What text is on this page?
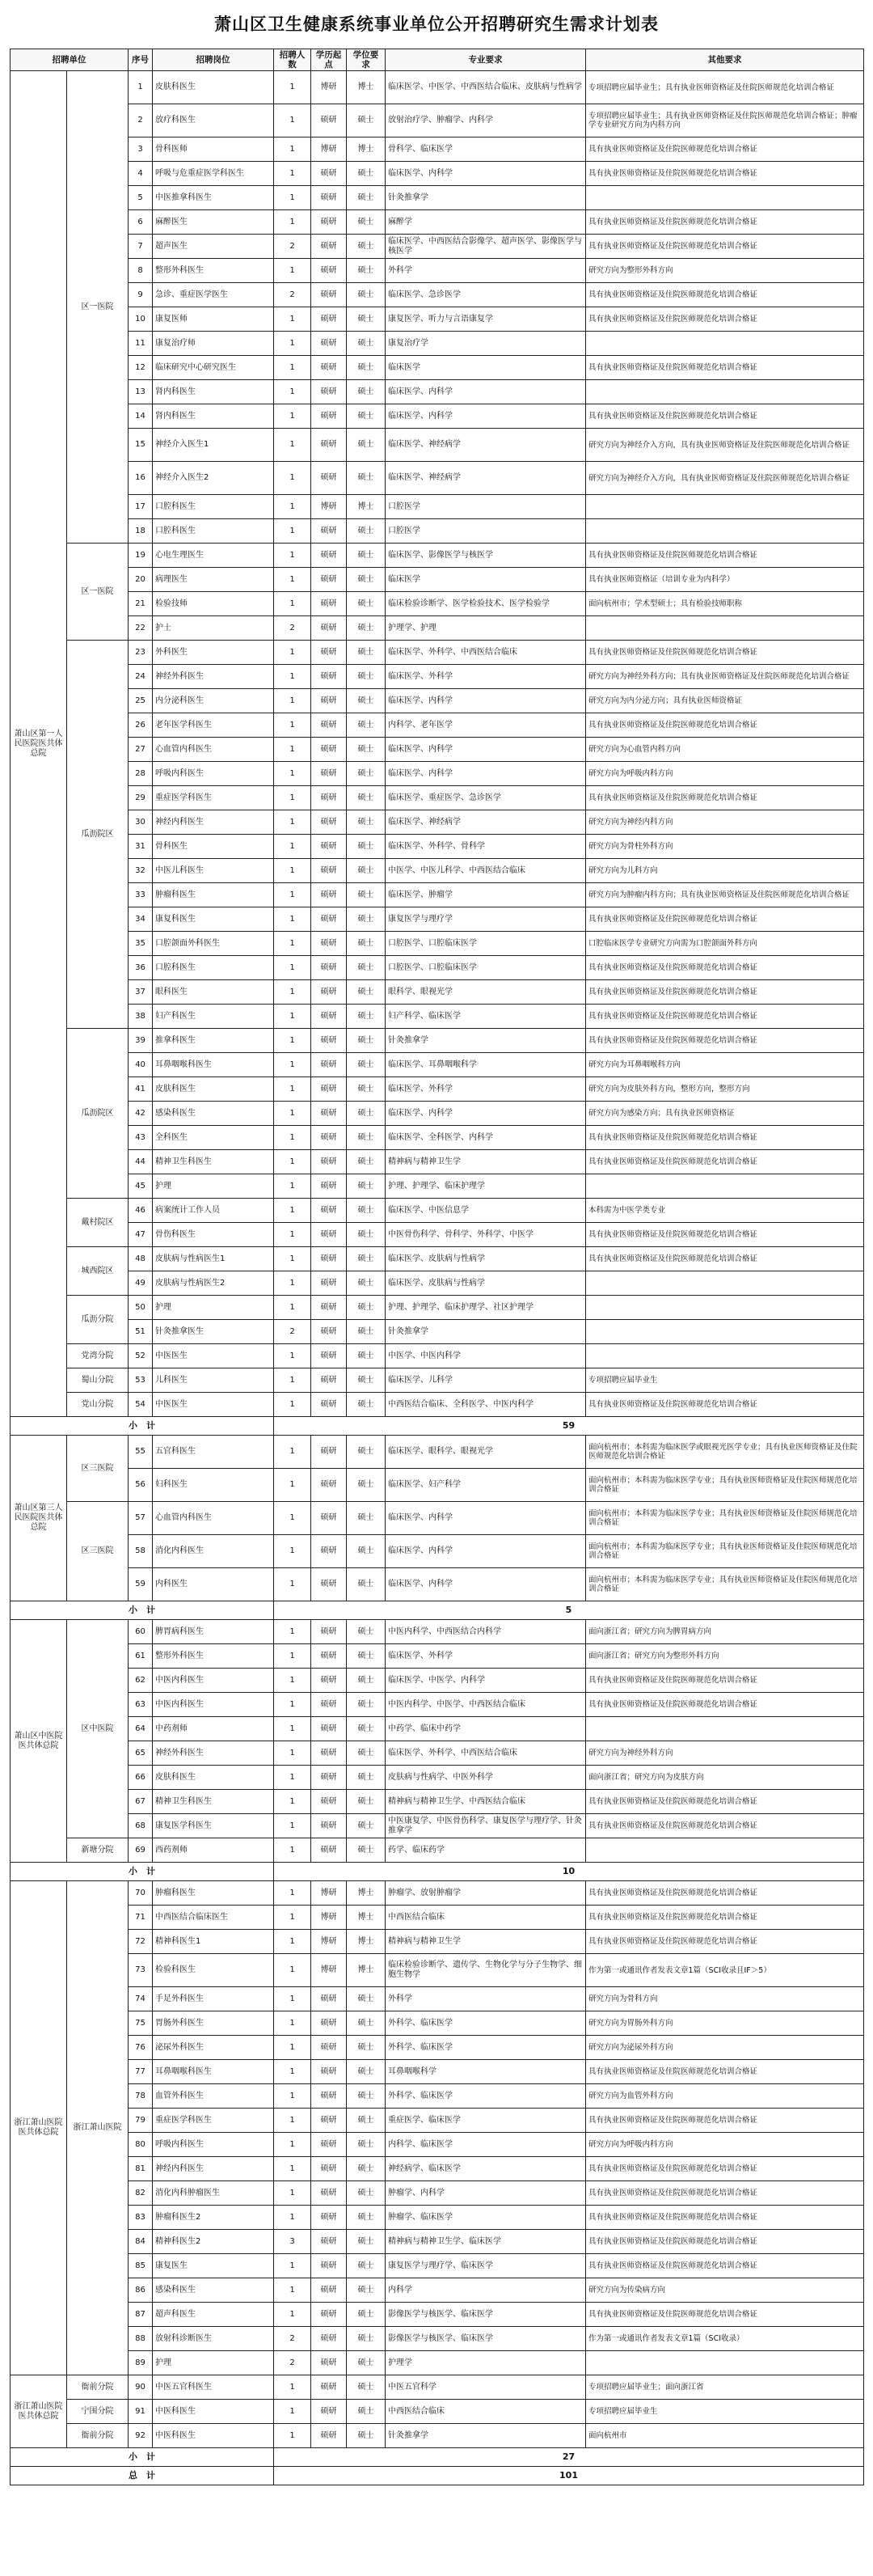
萧山区卫生健康系统事业单位公开招聘研究生需求计划表
招聘单位		序号	招聘岗位	招聘人数	学历起点	学位要求	专业要求	其他要求
萧山区第一人民医院医共体总院	区一医院	1	皮肤科医生	1	博研	博士	临床医学、中医学、中西医结合临床、皮肤病与性病学	专项招聘应届毕业生；具有执业医师资格证及住院医师规范化培训合格证
		2	放疗科医生	1	硕研	硕士	放射治疗学、肿瘤学、内科学	专项招聘应届毕业生；具有执业医师资格证及住院医师规范化培训合格证；肿瘤学专业研究方向为内科方向
		3	骨科医师	1	博研	博士	骨科学、临床医学	具有执业医师资格证及住院医师规范化培训合格证
		4	呼吸与危重症医学科医生	1	硕研	硕士	临床医学、内科学	具有执业医师资格证及住院医师规范化培训合格证
		5	中医推拿科医生	1	硕研	硕士	针灸推拿学	
		6	麻醉医生	1	硕研	硕士	麻醉学	具有执业医师资格证及住院医师规范化培训合格证
		7	超声医生	2	硕研	硕士	临床医学、中西医结合影像学、超声医学、影像医学与核医学	具有执业医师资格证及住院医师规范化培训合格证
		8	整形外科医生	1	硕研	硕士	外科学	研究方向为整形外科方向
		9	急诊、重症医学医生	2	硕研	硕士	临床医学、急诊医学	具有执业医师资格证及住院医师规范化培训合格证
		10	康复医师	1	硕研	硕士	康复医学、听力与言语康复学	具有执业医师资格证及住院医师规范化培训合格证
		11	康复治疗师	1	硕研	硕士	康复治疗学	
		12	临床研究中心研究医生	1	硕研	硕士	临床医学	具有执业医师资格证及住院医师规范化培训合格证
		13	肾内科医生	1	硕研	硕士	临床医学、内科学	
		14	肾内科医生	1	硕研	硕士	临床医学、内科学	具有执业医师资格证及住院医师规范化培训合格证
		15	神经介入医生1	1	硕研	硕士	临床医学、神经病学	研究方向为神经介入方向，具有执业医师资格证及住院医师规范化培训合格证
		16	神经介入医生2	1	硕研	硕士	临床医学、神经病学	研究方向为神经介入方向，具有执业医师资格证及住院医师规范化培训合格证
		17	口腔科医生	1	博研	博士	口腔医学	
		18	口腔科医生	1	硕研	硕士	口腔医学	
	区一医院	19	心电生理医生	1	硕研	硕士	临床医学、影像医学与核医学	具有执业医师资格证及住院医师规范化培训合格证
		20	病理医生	1	硕研	硕士	临床医学	具有执业医师资格证（培训专业为内科学）
		21	检验技师	1	硕研	硕士	临床检验诊断学、医学检验技术、医学检验学	面向杭州市；学术型硕士；具有检验技师职称
		22	护士	2	硕研	硕士	护理学、护理	
	瓜沥院区	23	外科医生	1	硕研	硕士	临床医学、外科学、中西医结合临床	具有执业医师资格证及住院医师规范化培训合格证
		24	神经外科医生	1	硕研	硕士	临床医学、外科学	研究方向为神经外科方向；具有执业医师资格证及住院医师规范化培训合格证
		25	内分泌科医生	1	硕研	硕士	临床医学、内科学	研究方向为内分泌方向；具有执业医师资格证
		26	老年医学科医生	1	硕研	硕士	内科学、老年医学	具有执业医师资格证及住院医师规范化培训合格证
		27	心血管内科医生	1	硕研	硕士	临床医学、内科学	研究方向为心血管内科方向
		28	呼吸内科医生	1	硕研	硕士	临床医学、内科学	研究方向为呼吸内科方向
		29	重症医学科医生	1	硕研	硕士	临床医学、重症医学、急诊医学	具有执业医师资格证及住院医师规范化培训合格证
		30	神经内科医生	1	硕研	硕士	临床医学、神经病学	研究方向为神经内科方向
		31	骨科医生	1	硕研	硕士	临床医学、外科学、骨科学	研究方向为骨柱外科方向
		32	中医儿科医生	1	硕研	硕士	中医学、中医儿科学、中西医结合临床	研究方向为儿科方向
		33	肿瘤科医生	1	硕研	硕士	临床医学、肿瘤学	研究方向为肿瘤内科方向；具有执业医师资格证及住院医师规范化培训合格证
		34	康复科医生	1	硕研	硕士	康复医学与理疗学	具有执业医师资格证及住院医师规范化培训合格证
		35	口腔颌面外科医生	1	硕研	硕士	口腔医学、口腔临床医学	口腔临床医学专业研究方向需为口腔颌面外科方向
		36	口腔科医生	1	硕研	硕士	口腔医学、口腔临床医学	具有执业医师资格证及住院医师规范化培训合格证
		37	眼科医生	1	硕研	硕士	眼科学、眼视光学	具有执业医师资格证及住院医师规范化培训合格证
		38	妇产科医生	1	硕研	硕士	妇产科学、临床医学	具有执业医师资格证及住院医师规范化培训合格证
	瓜沥院区	39	推拿科医生	1	硕研	硕士	针灸推拿学	具有执业医师资格证及住院医师规范化培训合格证
		40	耳鼻咽喉科医生	1	硕研	硕士	临床医学、耳鼻咽喉科学	研究方向为耳鼻咽喉科方向
		41	皮肤科医生	1	硕研	硕士	临床医学、外科学	研究方向为皮肤外科方向，整形方向，整形方向
		42	感染科医生	1	硕研	硕士	临床医学、内科学	研究方向为感染方向；具有执业医师资格证
		43	全科医生	1	硕研	硕士	临床医学、全科医学、内科学	具有执业医师资格证及住院医师规范化培训合格证
		44	精神卫生科医生	1	硕研	硕士	精神病与精神卫生学	具有执业医师资格证及住院医师规范化培训合格证
		45	护理	1	硕研	硕士	护理、护理学、临床护理学	
	戴村院区	46	病案统计工作人员	1	硕研	硕士	临床医学、中医信息学	本科需为中医学类专业
		47	骨伤科医生	1	硕研	硕士	中医骨伤科学、骨科学、外科学、中医学	具有执业医师资格证及住院医师规范化培训合格证
	城西院区	48	皮肤病与性病医生1	1	硕研	硕士	临床医学、皮肤病与性病学	具有执业医师资格证及住院医师规范化培训合格证
		49	皮肤病与性病医生2	1	硕研	硕士	临床医学、皮肤病与性病学	
	瓜沥分院	50	护理	1	硕研	硕士	护理、护理学、临床护理学、社区护理学	
		51	针灸推拿医生	2	硕研	硕士	针灸推拿学	
	党湾分院	52	中医医生	1	硕研	硕士	中医学、中医内科学	
	蜀山分院	53	儿科医生	1	硕研	硕士	临床医学、儿科学	专项招聘应届毕业生
	党山分院	54	中医医生	1	硕研	硕士	中西医结合临床、全科医学、中医内科学	具有执业医师资格证及住院医师规范化培训合格证
小　计				59				
萧山区第三人民医院医共体总院	区三医院	55	五官科医生	1	硕研	硕士	临床医学、眼科学、眼视光学	面向杭州市；本科需为临床医学或眼视光医学专业；具有执业医师资格证及住院医师规范化培训合格证
		56	妇科医生	1	硕研	硕士	临床医学、妇产科学	面向杭州市；本科需为临床医学专业；具有执业医师资格证及住院医师规范化培训合格证
	区三医院	57	心血管内科医生	1	硕研	硕士	临床医学、内科学	面向杭州市；本科需为临床医学专业；具有执业医师资格证及住院医师规范化培训合格证
		58	消化内科医生	1	硕研	硕士	临床医学、内科学	面向杭州市；本科需为临床医学专业；具有执业医师资格证及住院医师规范化培训合格证
		59	内科医生	1	硕研	硕士	临床医学、内科学	面向杭州市；本科需为临床医学专业；具有执业医师资格证及住院医师规范化培训合格证
小　计				5				
萧山区中医院医共体总院	区中医院	60	脾胃病科医生	1	硕研	硕士	中医内科学、中西医结合内科学	面向浙江省；研究方向为脾胃病方向
		61	整形外科医生	1	硕研	硕士	临床医学、外科学	面向浙江省；研究方向为整形外科方向
		62	中医内科医生	1	硕研	硕士	临床医学、中医学、内科学	具有执业医师资格证及住院医师规范化培训合格证
		63	中医内科医生	1	硕研	硕士	中医内科学、中医学、中西医结合临床	具有执业医师资格证及住院医师规范化培训合格证
		64	中药剂师	1	硕研	硕士	中药学、临床中药学	
		65	神经外科医生	1	硕研	硕士	临床医学、外科学、中西医结合临床	研究方向为神经外科方向
		66	皮肤科医生	1	硕研	硕士	皮肤病与性病学、中医外科学	面向浙江省；研究方向为皮肤方向
		67	精神卫生科医生	1	硕研	硕士	精神病与精神卫生学、中西医结合临床	具有执业医师资格证及住院医师规范化培训合格证
		68	康复医学科医生	1	硕研	硕士	中医康复学、中医骨伤科学、康复医学与理疗学、针灸推拿学	具有执业医师资格证及住院医师规范化培训合格证
	新塘分院	69	西药剂师	1	硕研	硕士	药学、临床药学	
小　计				10				
浙江萧山医院医共体总院	浙江萧山医院	70	肿瘤科医生	1	博研	博士	肿瘤学、放射肿瘤学	具有执业医师资格证及住院医师规范化培训合格证
		71	中西医结合临床医生	1	博研	博士	中西医结合临床	具有执业医师资格证及住院医师规范化培训合格证
		72	精神科医生1	1	博研	博士	精神病与精神卫生学	具有执业医师资格证及住院医师规范化培训合格证
		73	检验科医生	1	博研	博士	临床检验诊断学、遗传学、生物化学与分子生物学、细胞生物学	作为第一或通讯作者发表文章1篇（SCI收录且IF＞5）
		74	手足外科医生	1	硕研	硕士	外科学	研究方向为骨科方向
		75	胃肠外科医生	1	硕研	硕士	外科学、临床医学	研究方向为胃肠外科方向
		76	泌尿外科医生	1	硕研	硕士	外科学、临床医学	研究方向为泌尿外科方向
		77	耳鼻咽喉科医生	1	硕研	硕士	耳鼻咽喉科学	具有执业医师资格证及住院医师规范化培训合格证
		78	血管外科医生	1	硕研	硕士	外科学、临床医学	研究方向为血管外科方向
		79	重症医学科医生	1	硕研	硕士	重症医学、临床医学	具有执业医师资格证及住院医师规范化培训合格证
		80	呼吸内科医生	1	硕研	硕士	内科学、临床医学	研究方向为呼吸内科方向
		81	神经内科医生	1	硕研	硕士	神经病学、临床医学	具有执业医师资格证及住院医师规范化培训合格证
		82	消化内科肿瘤医生	1	硕研	硕士	肿瘤学、内科学	具有执业医师资格证及住院医师规范化培训合格证
		83	肿瘤科医生2	1	硕研	硕士	肿瘤学、临床医学	具有执业医师资格证及住院医师规范化培训合格证
		84	精神科医生2	3	硕研	硕士	精神病与精神卫生学、临床医学	具有执业医师资格证及住院医师规范化培训合格证
		85	康复医生	1	硕研	硕士	康复医学与理疗学、临床医学	具有执业医师资格证及住院医师规范化培训合格证
		86	感染科医生	1	硕研	硕士	内科学	研究方向为传染病方向
		87	超声科医生	1	硕研	硕士	影像医学与核医学、临床医学	具有执业医师资格证及住院医师规范化培训合格证
		88	放射科诊断医生	2	硕研	硕士	影像医学与核医学、临床医学	作为第一或通讯作者发表文章1篇（SCI收录）
		89	护理	2	硕研	硕士	护理学	
浙江萧山医院医共体总院	衙前分院	90	中医五官科医生	1	硕研	硕士	中医五官科学	专项招聘应届毕业生；面向浙江省
	宁围分院	91	中医科医生	1	硕研	硕士	中西医结合临床	专项招聘应届毕业生
	衙前分院	92	中医科医生	1	硕研	硕士	针灸推拿学	面向杭州市
小　计				27				
总　计				101				
